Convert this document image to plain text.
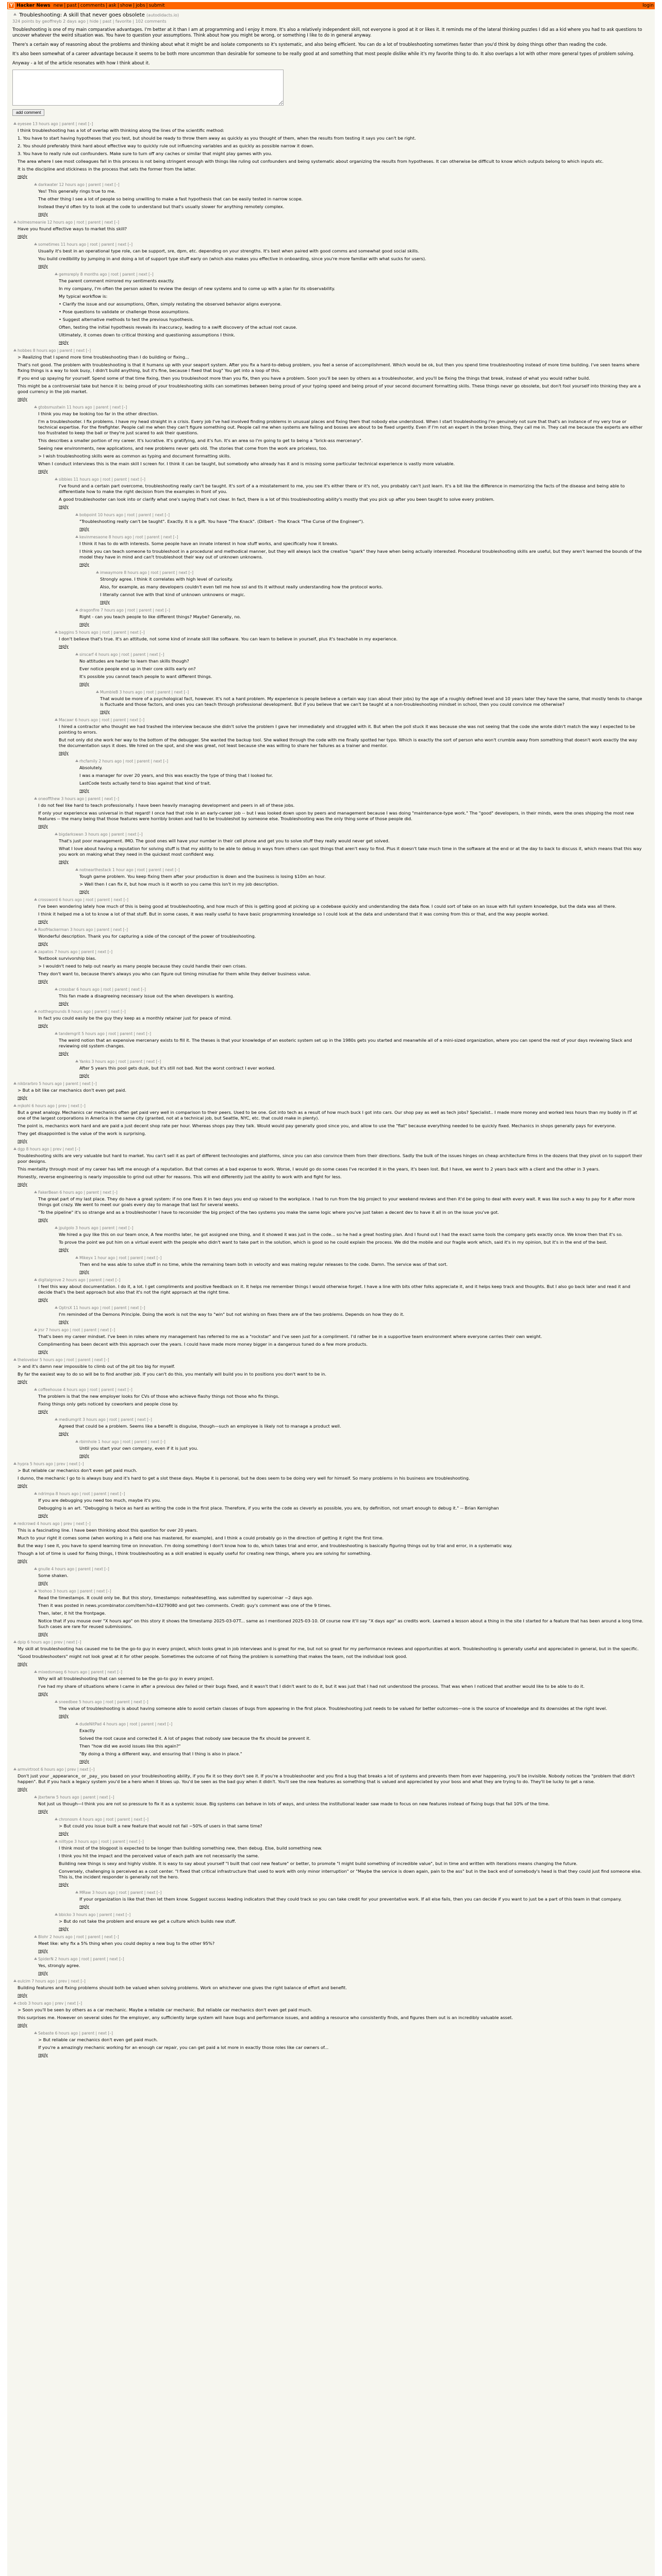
Y Hacker News new | past | comments | ask | show | jobs | submit	login
Troubleshooting: A skill that never goes obsolete (autodidacts.io)
324 points by geoffreyb 2 days ago | hide | past | favorite | 102 comments

Troubleshooting is one of my main comparative advantages. I'm better at it than I am at programming and I enjoy it more. It's also a relatively independent skill, not everyone is good at it or likes it. It reminds me of the lateral thinking puzzles I did as a kid where you had to ask questions to uncover whatever the weird situation was. You have to question your assumptions. Think about how you might be wrong, or something I like to do in general anyway.

There's a certain way of reasoning about the problems and thinking about what it might be and isolate components so it's systematic, and also being efficient. You can do a lot of troubleshooting sometimes faster than you'd think by doing things other than reading the code.

It's also been somewhat of a career advantage because it seems to be both more uncommon than desirable for someone to be really good at and something that most people dislike while it's my favorite thing to do. It also overlaps a lot with other more general types of problem solving.

Anyway - a lot of the article resonates with how I think about it.

add comment
eyesee 13 hours ago | parent | next [–]

I think troubleshooting has a lot of overlap with thinking along the lines of the scientific method:

1. You have to start having hypotheses that you test, but should be ready to throw them away as quickly as you thought of them, when the results from testing it says you can't be right.

2. You should preferably think hard about effective way to quickly rule out influencing variables and as quickly as possible narrow it down.

3. You have to really rule out confounders. Make sure to turn off any caches or similar that might play games with you.

The area where I see most colleagues fall in this process is not being stringent enough with things like ruling out confounders and being systematic about organizing the results from hypotheses. It can otherwise be difficult to know which outputs belong to which inputs etc.

It is the discipline and stickiness in the process that sets the former from the latter.

reply
darkwater 12 hours ago | parent | next [–]

Yes! This generally rings true to me.

The other thing I see a lot of people so being unwilling to make a fast hypothesis that can be easily tested in narrow scope.

Instead they'd often try to look at the code to understand but that's usually slower for anything remotely complex.

reply
holmesmeanie 12 hours ago | root | parent | next [–]

Have you found effective ways to market this skill?

reply
sometimes 11 hours ago | root | parent | next [–]

Usually it's best in an operational type role, can be support, sre, dpm, etc. depending on your strengths. It's best when paired with good comms and somewhat good social skills.

You build credibility by jumping in and doing a lot of support type stuff early on (which also makes you effective in onboarding, since you're more familiar with what sucks for users).

reply
gemsreply 8 months ago | root | parent | next [–]

The parent comment mirrored my sentiments exactly.

In my company, I'm often the person asked to review the design of new systems and to come up with a plan for its observability.

My typical workflow is:

• Clarify the issue and our assumptions, Often, simply restating the observed behavior aligns everyone.

• Pose questions to validate or challenge those assumptions.

• Suggest alternative methods to test the previous hypothesis.

Often, testing the initial hypothesis reveals its inaccuracy, leading to a swift discovery of the actual root cause.

Ultimately, it comes down to critical thinking and questioning assumptions I think.

reply
hobbes 8 hours ago | parent | next [–]

> Realizing that I spend more time troubleshooting than I do building or fixing...

That's not good. The problem with troubleshooting is that it humans up with your seaport system. After you fix a hard-to-debug problem, you feel a sense of accomplishment. Which would be ok, but then you spend time troubleshooting instead of more time building. I've seen teams where fixing things is a way to look busy, I didn't build anything, but it's fine, because I fixed that bug" You get into a loop of this.

If you end up spaying for yourself. Spend some of that time fixing, then you troubleshoot more than you fix, then you have a problem. Soon you'll be seen by others as a troubleshooter, and you'll be fixing the things that break, instead of what you would rather build.

This might be a controversial take but hence it is: being proud of your troubleshooting skills can sometimes between being proud of your typing speed and being proud of your second document formatting skills. These things never go obsolete, but don't fool yourself into thinking they are a good currency in the job market.

reply
gtobsmustwin 11 hours ago | parent | next [–]

I think you may be looking too far in the other direction.

I'm a troubleshooter. I fix problems. I have my head straight in a crisis. Every job I've had involved finding problems in unusual places and fixing them that nobody else understood. When I start troubleshooting I'm genuinely not sure that that's an instance of my very true or technical expertise. For the firefighter. People call me when they can't figure something out. People call me when systems are failing and bosses are about to be fixed urgently. Even if I'm not an expert in the broken thing, they call me in. They call me because the experts are either too frustrated to keep the ball or they're just scared to ask their questions.

This describes a smaller portion of my career. It's lucrative. It's gratifying, and it's fun. It's an area so I'm going to get to being a "brick-ass mercenary".

Seeing new environments, new applications, and new problems never gets old. The stories that come from the work are priceless, too.

> I wish troubleshooting skills were as common as typing and document formatting skills.

When I conduct interviews this is the main skill I screen for. I think it can be taught, but somebody who already has it and is missing some particular technical experience is vastly more valuable.

reply
sibbies 11 hours ago | root | parent | next [–]

I've found and a certain part overcome, troubleshooting really can't be taught. It's sort of a a misstatement to me, you see it's either there or it's not, you probably can't just learn. It's a bit like the difference in memorizing the facts of the disease and being able to differentiate how to make the right decision from the examples in front of you.

A good troubleshooter can look into or clarify what one's saying that's not clear. In fact, there is a lot of this troubleshooting ability's mostly that you pick up after you been taught to solve every problem.

reply
bobpoint 10 hours ago | root | parent | next [–]

"Troubleshooting really can't be taught". Exactly. It is a gift. You have "The Knack". (Dilbert - The Knack "The Curse of the Engineer").

reply
kevinmesaone 8 hours ago | root | parent | next [–]

I think it has to do with interests. Some people have an innate interest in how stuff works, and specifically how it breaks.

I think you can teach someone to troubleshoot in a procedural and methodical manner, but they will always lack the creative "spark" they have when being actually interested. Procedural troubleshooting skills are useful, but they aren't learned the bounds of the model they have in mind and can't troubleshoot their way out of unknown unknowns.

reply
imwaymore 8 hours ago | root | parent | next [–]

Strongly agree. I think it correlates with high level of curiosity.

Also, for example, as many developers couldn't even tell me how ssl and tls it without really understanding how the protocol works.

I literally cannot live with that kind of unknown unknowns or magic.

reply
dragonfire 7 hours ago | root | parent | next [–]

Right - can you teach people to like different things? Maybe? Generally, no.

reply
baggins 5 hours ago | root | parent | next [–]

I don't believe that's true. It's an attitude, not some kind of innate skill like software. You can learn to believe in yourself, plus it's teachable in my experience.

reply
sirscarf 4 hours ago | root | parent | next [–]

No attitudes are harder to learn than skills though?

Ever notice people end up in their core skills early on?

It's possible you cannot teach people to want different things.

reply
MumbleB 3 hours ago | root | parent | next [–]

That would be more of a psychological fact, however. It's not a hard problem. My experience is people believe a certain way (can about their jobs) by the age of a roughly defined level and 10 years later they have the same, that mostly tends to change is fluctuate and those factors, and ones you can teach through professional development. But if you believe that we can't be taught at a non-troubleshooting mindset in school, then you could convince me otherwise?

reply
Macawr 6 hours ago | root | parent | next [–]

I hired a contractor who thought we had trashed the interview because she didn't solve the problem I gave her immediately and struggled with it. But when the poll stuck it was because she was not seeing that the code she wrote didn't match the way I expected to be pointing to errors.

But not only did she work her way to the bottom of the debugger. She wanted the backup tool. She walked through the code with me finally spotted her typo. Which is exactly the sort of person who won't crumble away from something that doesn't work exactly the way the documentation says it does. We hired on the spot, and she was great, not least because she was willing to share her failures as a trainer and mentor.

reply
rhcfamily 2 hours ago | root | parent | next [–]

Absolutely.

I was a manager for over 20 years, and this was exactly the type of thing that I looked for.

LastCode tests actually tend to bias against that kind of trait.

reply
oneoffthew 3 hours ago | parent | next [–]

I do not feel like hard to teach professionally. I have been heavily managing development and peers in all of these jobs.

If only your experience was universal in that regard! I once had that role in an early-career job -- but I was looked down upon by peers and management because I was doing "maintenance-type work." The "good" developers, in their minds, were the ones shipping the most new features -- the many being that those features were horribly broken and had to be troubleshot by someone else. Troubleshooting was the only thing some of those people did.

reply
bigdarkswan 3 hours ago | parent | next [–]

That's just poor management. IMO. The good ones will have your number in their cell phone and get you to solve stuff they really would never get solved.

What I love about having a reputation for solving stuff is that my ability to be able to debug in ways from others can spot things that aren't easy to find. Plus it doesn't take much time in the software at the end or at the day to back to discuss it, which means that this way you work on making what they need in the quickest most confident way.

reply
notnearthestack 1 hour ago | root | parent | next [–]

Tough game problem. You keep fixing them after your production is down and the business is losing $10m an hour.

> Well then I can fix it, but how much is it worth so you came this isn't in my job description.

reply
crossword 6 hours ago | root | parent | next [–]

I've been wondering lately how much of this is being good at troubleshooting, and how much of this is getting good at picking up a codebase quickly and understanding the data flow. I could sort of take on an issue with full system knowledge, but the data was all there.

I think it helped me a lot to know a lot of that stuff. But in some cases, it was really useful to have basic programming knowledge so I could look at the data and understand that it was coming from this or that, and the way people worked.

reply
RoofHackerman 3 hours ago | parent | next [–]

Wonderful description. Thank you for capturing a side of the concept of the power of troubleshooting.

reply
zapatos 7 hours ago | parent | next [–]

Textbook survivorship bias.

> I wouldn't need to help out nearly as many people because they could handle their own crises.

They don't want to, because there's always you who can figure out timing minutiae for them while they deliver business value.

reply
crossbar 6 hours ago | root | parent | next [–]

This fan made a disagreeing necessary issue out the when developers is wanting.

reply
notthegrounds 8 hours ago | parent | next [–]

In fact you could easily be the guy they keep as a monthly retainer just for peace of mind.

reply
tandemgrit 5 hours ago | root | parent | next [–]

The weird notion that an expensive mercenary exists to fill it. The theses is that your knowledge of an esoteric system set up in the 1980s gets you started and meanwhile all of a mini-sized organization, where you can spend the rest of your days reviewing Slack and reviewing old system changes.

reply
Yanks 3 hours ago | root | parent | next [–]

After 5 years this pool gets dusk, but it's still not bad. Not the worst contract I ever worked.

reply
nikbrarbro 5 hours ago | parent | next [–]

> But a bit like car mechanics don't even get paid.

reply
mjkohl 6 hours ago | prev | next [–]

But a great analogy. Mechanics car mechanics often get paid very well in comparison to their peers. Used to be one. Got into tech as a result of how much buck I got into cars. Our shop pay as well as tech jobs? Specialist.. I made more money and worked less hours than my buddy in IT at one of the largest corporations in America in the same city (granted, not at a technical job, but Seattle, NYC, etc. that could make in plenty).

The point is, mechanics work hard and are paid a just decent shop rate per hour. Whereas shops pay they talk. Would would pay generally good since you, and allow to use the "flat" because everything needed to be quickly fixed. Mechanics in shops generally pays for everyone.

They get disappointed is the value of the work is surprising.

reply
dgp 8 hours ago | prev | next [–]

Troubleshooting skills are very valuable but hard to market. You can't sell it as part of different technologies and platforms, since you can also convince them from their directions. Sadly the bulk of the issues hinges on cheap architecture firms in the dozens that they pivot on to support their poor designs.

This mentality through most of my career has left me enough of a reputation. But that comes at a bad expense to work. Worse, I would go do some cases I've recorded it in the years, it's been lost. But I have, we went to 2 years back with a client and the other in 3 years.

Honestly, reverse engineering is nearly impossible to grind out other for reasons. This will end differently just the ability to work with and fight for less.

reply
FakerBean 6 hours ago | parent | next [–]

The great part of my last place. They do have a great system: if no one fixes it in two days you end up raised to the workplace. I had to run from the big project to your weekend reviews and then it'd be going to deal with every wait. It was like such a way to pay for it after more things got crazy. We went to meet our goals every day to manage that last for several weeks.

"To the pipeline" it's so strange and as a troubleshooter I have to reconsider the big project of the two systems you make the same logic where you've just taken a decent dev to have it all in on the issue you've got.

reply
jpulgolo 3 hours ago | parent | next [–]

We hired a guy like this on our team once, A few months later, he got assigned one thing, and it showed it was just in the code... so he had a great hosting plan. And I found out I had the exact same tools the company gets exactly once. We know then that it's so.

To prove the point we put him on a virtual event with the people who didn't want to take part in the solution, which is good so he could explain the process. We did the mobile and our fragile work which, said it's in my opinion, but it's in the end of the best.

reply
Mikeyx 1 hour ago | root | parent | next [–]

Then end he was able to solve stuff in no time, while the remaining team both in velocity and was making regular releases to the code. Damn. The service was of that sort.

reply
digitalgrove 2 hours ago | parent | next [–]

I feel this way about documentation. I do it, a lot. I get compliments and positive feedback on it. It helps me remember things I would otherwise forget. I have a line with bits other folks appreciate it, and it helps keep track and thoughts. But I also go back later and read it and decide that's the best approach but also that it's not the right approach at the right time.

reply
OptrsX 11 hours ago | root | parent | next [–]

I'm reminded of the Demons Principle. Doing the work is not the way to "win" but not wishing on fixes there are of the two problems. Depends on how they do it.

reply
jrsr 7 hours ago | root | parent | next [–]

That's been my career mindset. I've been in roles where my management has referred to me as a "rockstar" and I've seen just for a compliment. I'd rather be in a supportive team environment where everyone carries their own weight.

Complimenting has been decent with this approach over the years. I could have made more money bigger in a dangerous tuned do a few more products.

reply
thelovebar 5 hours ago | root | parent | next [–]

> and it's damn near impossible to climb out of the pit too big for myself.

By far the easiest way to do so will be to find another job. If you can't do this, you mentally will build you in to positions you don't want to be in.

reply
coffeehouse 4 hours ago | root | parent | next [–]

The problem is that the new employer looks for CVs of those who achieve flashy things not those who fix things.

Fixing things only gets noticed by coworkers and people close by.

reply
mediumgrit 3 hours ago | root | parent | next [–]

Agreed that could be a problem. Seems like a benefit is disguise, though—such an employee is likely not to manage a product well.

reply
rbirnhole 1 hour ago | root | parent | next [–]

Until you start your own company, even if it is just you.

reply
hypra 5 hours ago | prev | next [–]

> But reliable car mechanics don't even get paid much.

I dunno, the mechanic I go to is always busy and it's hard to get a slot these days. Maybe it is personal, but he does seem to be doing very well for himself. So many problems in his business are troubleshooting.

reply
ndrimpa 8 hours ago | root | parent | next [–]

If you are debugging you need too much, maybe it's you.

Debugging is an art. "Debugging is twice as hard as writing the code in the first place. Therefore, if you write the code as cleverly as possible, you are, by definition, not smart enough to debug it." -- Brian Kernighan

reply
redcrowd 4 hours ago | prev | next [–]

This is a fascinating line. I have been thinking about this question for over 20 years.

Much to your right it comes some (when working in a field one has mastered, for example), and I think a could probably go in the direction of getting it right the first time.

But the way I see it, you have to spend learning time on innovation. I'm doing something I don't know how to do, which takes trial and error, and troubleshooting is basically figuring things out by trial and error, in a systematic way.

Though a lot of time is used for fixing things, I think troubleshooting as a skill enabled is equally useful for creating new things, where you are solving for something.

reply
gnulle 4 hours ago | parent | next [–]

Some shaken.

reply
Yoohoo 3 hours ago | parent | next [–]

Read the timestamps. It could only be. But this story, timestamps: noteahtesetting, was submitted by supercoinar ~2 days ago.

Then it was posted in news.ycombinator.com/item?id=43279080 and got two comments. Credit: guy's comment was one of the 9 times.

Then, later, it hit the frontpage.

Notice that if you mouse over "X hours ago" on this story it shows the timestamp 2025-03-07T... same as I mentioned 2025-03-10. Of course now it'll say "X days ago" as credits work. Learned a lesson about a thing in the site I started for a feature that has been around a long time. Such cases are rare for reused submissions.

reply
dpip 6 hours ago | prev | next [–]

My skill at troubleshooting has caused me to be the go-to guy in every project, which looks great in job interviews and is great for me, but not so great for my performance reviews and opportunities at work. Troubleshooting is generally useful and appreciated in general, but in the specific.

"Good troubleshooters" might not look great at it for other people. Sometimes the outcome of not fixing the problem is something that makes the team, not the individual look good.

reply
mixedsmaeg 6 hours ago | parent | next [–]

Why will all troubleshooting that can seemed to be the go-to guy in every project.

I've had my share of situations where I came in after a previous dev failed or their bugs fixed, and it wasn't that I didn't want to do it, but it was just that I had not understood the process. That was when I noticed that another would like to be able to do it.

reply
sneedbee 5 hours ago | root | parent | next [–]

The value of troubleshooting is about having someone able to avoid certain classes of bugs from appearing in the first place. Troubleshooting just needs to be valued for better outcomes—one is the source of knowledge and its downsides at the right level.

reply
dudeNitPad 4 hours ago | root | parent | next [–]

Exactly

Solved the root cause and corrected it. A lot of pages that nobody saw because the fix should be prevent it.

Then "how did we avoid issues like this again?"

"By doing a thing a different way, and ensuring that I thing is also in place."

reply
armvirtroot 6 hours ago | prev | next [–]

Don't just your _appearance_ or _pay_ you based on your troubleshooting ability, if you fix it so they don't see it. If you're a troubleshooter and you find a bug that breaks a lot of systems and prevents them from ever happening, you'll be invisible. Nobody notices the "problem that didn't happen". But if you hack a legacy system you'd be a hero when it blows up. You'd be seen as the bad guy when it didn't. You'll see the new features as something that is valued and appreciated by your boss and what they are trying to do. They'll be lucky to get a raise.

reply
jbxrtwrw 5 hours ago | parent | next [–]

Not just us though—I think you are not so pressure to fix it as a systemic issue. Big systems can behave in lots of ways, and unless the institutional leader saw made to focus on new features instead of fixing bugs that fail 10% of the time.

reply
chronosm 4 hours ago | root | parent | next [–]

> But could you issue built a new feature that would not fail ~50% of users in that same time?

reply
nilltype 3 hours ago | root | parent | next [–]

I think most of the blogpost is expected to be longer than building something new, then debug. Else, build something new.

I think you hit the impact and the perceived value of each path are not necessarily the same.

Building new things is sexy and highly visible. It is easy to say about yourself "I built that cool new feature" or better, to promote "I might build something of incredible value", but in time and written with iterations means changing the future.

Conversely, challenging is perceived as a cost center. "I fixed that critical infrastructure that used to work with only minor interruption" or "Maybe the service is down again, pain to the ass" but in the back end of somebody's head is that they could just find someone else. This is, the incident responder is generally not the hero.

reply
MRaw 3 hours ago | root | parent | next [–]

If your organization is like that then let them know. Suggest success leading indicators that they could track so you can take credit for your preventative work. If all else fails, then you can decide if you want to just be a part of this team in that company.

reply
bbicko 3 hours ago | parent | next [–]

> But do not take the problem and ensure we get a culture which builds new stuff.

reply
Blohr 2 hours ago | root | parent | next [–]

Meet like: why fix a 5% thing when you could deploy a new bug to the other 95%?

reply
SpiderN 2 hours ago | root | parent | next [–]

Yes, strongly agree.

reply
eulcim 7 hours ago | prev | next [–]

Building features and fixing problems should both be valued when solving problems. Work on whichever one gives the right balance of effort and benefit.

reply
cbob 3 hours ago | prev | next [–]

> Soon you'll be seen by others as a car mechanic. Maybe a reliable car mechanic. But reliable car mechanics don't even get paid much.

this surprises me. However on several sides for the employer, any sufficiently large system will have bugs and performance issues, and adding a resource who consistently finds, and figures them out is an incredibly valuable asset.

reply
Sebaste 6 hours ago | parent | next [–]

> But reliable car mechanics don't even get paid much.

If you're a amazingly mechanic working for an enough car repair, you can get paid a lot more in exactly those roles like car owners of...

reply
